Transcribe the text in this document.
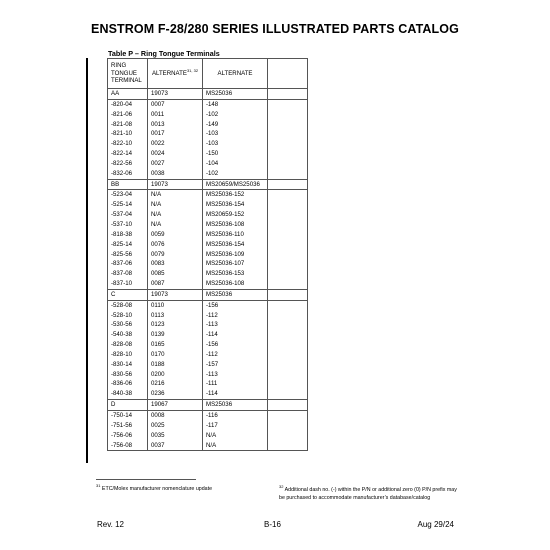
ENSTROM F-28/280 SERIES ILLUSTRATED PARTS CATALOG
Table P – Ring Tongue Terminals
RING
TONGUE
TERMINAL	ALTERNATE$^{31, 32}$	ALTERNATE	
AA	19073	MS25036	
-820-04	0007	-148	
-821-06	0011	-102	
-821-08	0013	-149	
-821-10	0017	-103	
-822-10	0022	-103	
-822-14	0024	-150	
-822-56	0027	-104	
-832-06	0038	-102	
BB	19073	MS20659/MS25036	
-523-04	N/A	MS25036-152	
-525-14	N/A	MS25036-154	
-537-04	N/A	MS20659-152	
-537-10	N/A	MS25036-108	
-818-38	0059	MS25036-110	
-825-14	0076	MS25036-154	
-825-56	0079	MS25036-109	
-837-06	0083	MS25036-107	
-837-08	0085	MS25036-153	
-837-10	0087	MS25036-108	
C	19073	MS25036	
-528-08	0110	-156	
-528-10	0113	-112	
-530-56	0123	-113	
-540-38	0139	-114	
-828-08	0165	-156	
-828-10	0170	-112	
-830-14	0188	-157	
-830-56	0200	-113	
-836-06	0216	-111	
-840-38	0236	-114	
D	19067	MS25036	
-750-14	0008	-116	
-751-56	0025	-117	
-756-06	0035	N/A	
-756-08	0037	N/A	
$^{31}$ ETC/Molex manufacturer nomenclature update	$^{32}$ Additional dash no. (-) within the P/N or additional zero (0) P/N prefix may be purchased to accommodate manufacturer’s database/catalog
Rev. 12	B-16	Aug 29/24
